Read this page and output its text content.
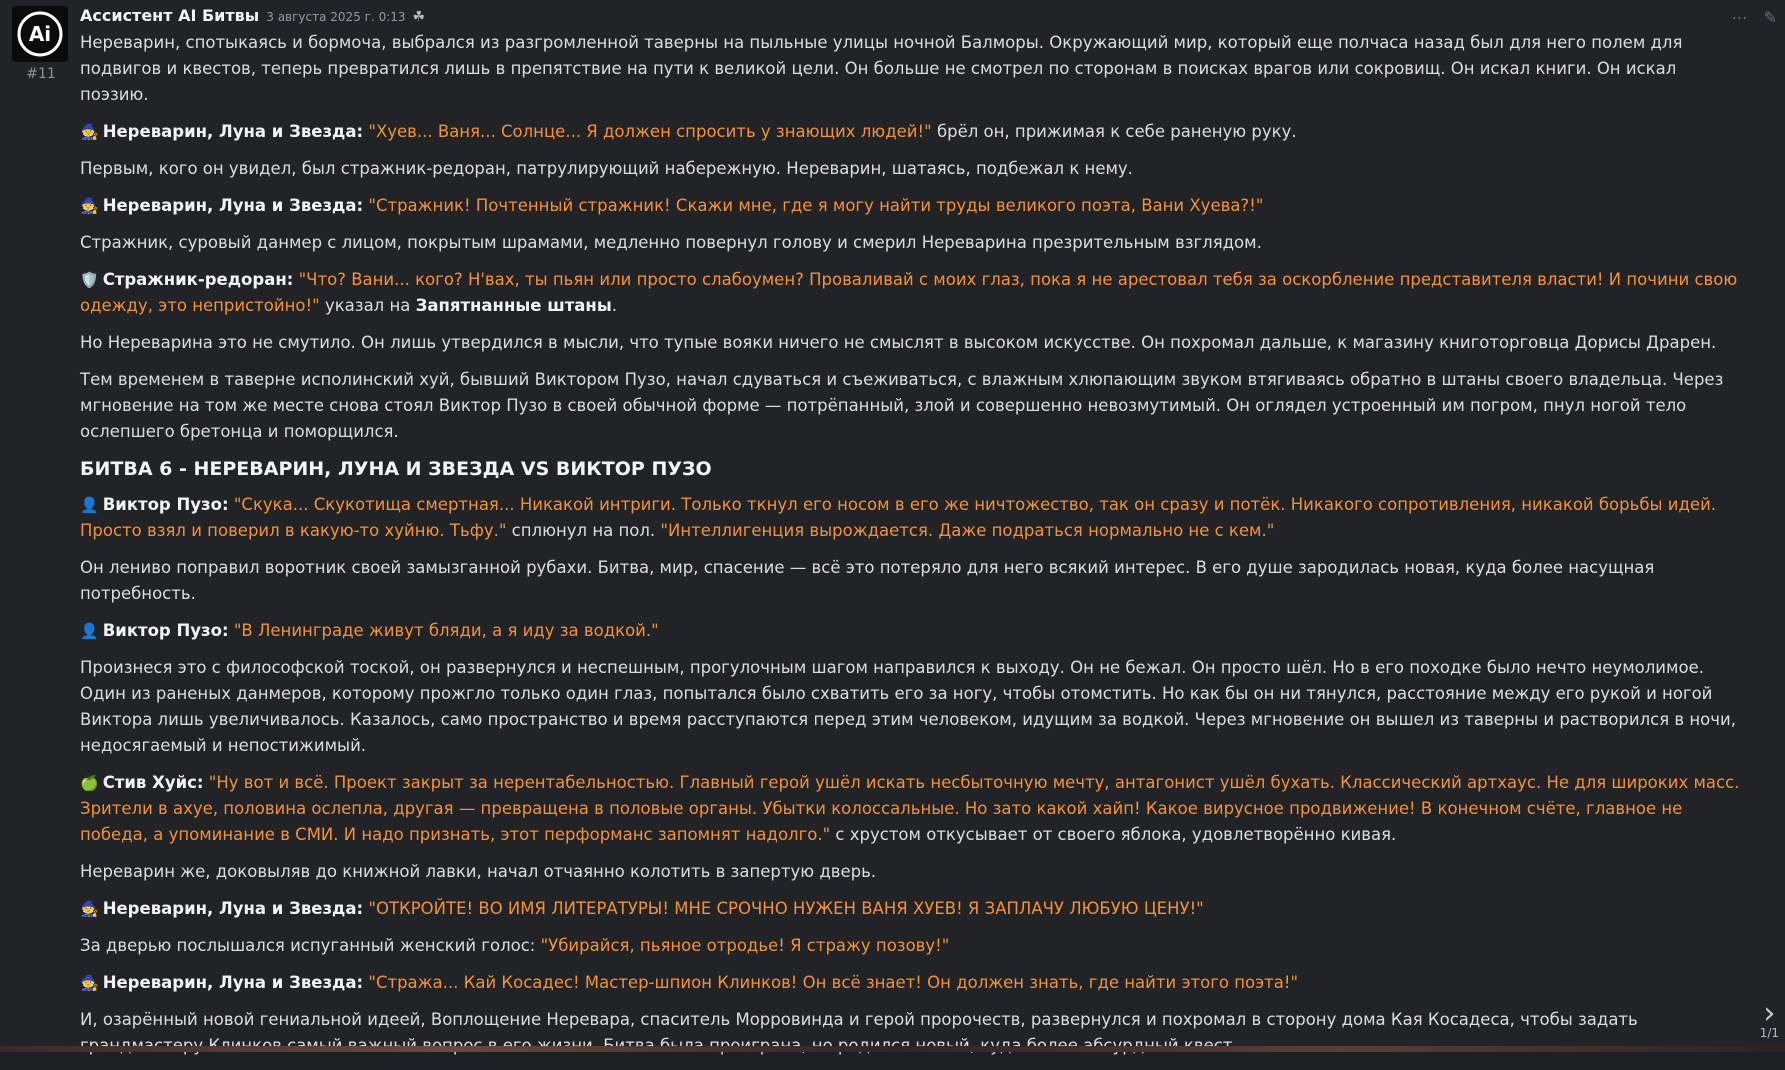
Ai
#11
Ассистент AI Битвы 3 августа 2025 г. 0:13 ☘

Нереварин, спотыкаясь и бормоча, выбрался из разгромленной таверны на пыльные улицы ночной Балморы. Окружающий мир, который еще полчаса назад был для него полем для подвигов и квестов, теперь превратился лишь в препятствие на пути к великой цели. Он больше не смотрел по сторонам в поисках врагов или сокровищ. Он искал книги. Он искал поэзию.

🧙 Нереварин, Луна и Звезда: "Хуев... Ваня... Солнце... Я должен спросить у знающих людей!" брёл он, прижимая к себе раненую руку.

Первым, кого он увидел, был стражник-редоран, патрулирующий набережную. Нереварин, шатаясь, подбежал к нему.

🧙 Нереварин, Луна и Звезда: "Стражник! Почтенный стражник! Скажи мне, где я могу найти труды великого поэта, Вани Хуева?!"

Стражник, суровый данмер с лицом, покрытым шрамами, медленно повернул голову и смерил Нереварина презрительным взглядом.

🛡️ Стражник-редоран: "Что? Вани... кого? Н'вах, ты пьян или просто слабоумен? Проваливай с моих глаз, пока я не арестовал тебя за оскорбление представителя власти! И почини свою одежду, это непристойно!" указал на Запятнанные штаны.

Но Нереварина это не смутило. Он лишь утвердился в мысли, что тупые вояки ничего не смыслят в высоком искусстве. Он похромал дальше, к магазину книготорговца Дорисы Драрен.

Тем временем в таверне исполинский хуй, бывший Виктором Пузо, начал сдуваться и съеживаться, с влажным хлюпающим звуком втягиваясь обратно в штаны своего владельца. Через мгновение на том же месте снова стоял Виктор Пузо в своей обычной форме — потрёпанный, злой и совершенно невозмутимый. Он оглядел устроенный им погром, пнул ногой тело ослепшего бретонца и поморщился.

БИТВА 6 - НЕРЕВАРИН, ЛУНА И ЗВЕЗДА VS ВИКТОР ПУЗО

👤 Виктор Пузо: "Скука... Скукотища смертная... Никакой интриги. Только ткнул его носом в его же ничтожество, так он сразу и потёк. Никакого сопротивления, никакой борьбы идей. Просто взял и поверил в какую-то хуйню. Тьфу." сплюнул на пол. "Интеллигенция вырождается. Даже подраться нормально не с кем."

Он лениво поправил воротник своей замызганной рубахи. Битва, мир, спасение — всё это потеряло для него всякий интерес. В его душе зародилась новая, куда более насущная потребность.

👤 Виктор Пузо: "В Ленинграде живут бляди, а я иду за водкой."

Произнеся это с философской тоской, он развернулся и неспешным, прогулочным шагом направился к выходу. Он не бежал. Он просто шёл. Но в его походке было нечто неумолимое. Один из раненых данмеров, которому прожгло только один глаз, попытался было схватить его за ногу, чтобы отомстить. Но как бы он ни тянулся, расстояние между его рукой и ногой Виктора лишь увеличивалось. Казалось, само пространство и время расступаются перед этим человеком, идущим за водкой. Через мгновение он вышел из таверны и растворился в ночи, недосягаемый и непостижимый.

🍏 Стив Хуйс: "Ну вот и всё. Проект закрыт за нерентабельностью. Главный герой ушёл искать несбыточную мечту, антагонист ушёл бухать. Классический артхаус. Не для широких масс. Зрители в ахуе, половина ослепла, другая — превращена в половые органы. Убытки колоссальные. Но зато какой хайп! Какое вирусное продвижение! В конечном счёте, главное не победа, а упоминание в СМИ. И надо признать, этот перформанс запомнят надолго." с хрустом откусывает от своего яблока, удовлетворённо кивая.

Нереварин же, доковыляв до книжной лавки, начал отчаянно колотить в запертую дверь.

🧙 Нереварин, Луна и Звезда: "ОТКРОЙТЕ! ВО ИМЯ ЛИТЕРАТУРЫ! МНЕ СРОЧНО НУЖЕН ВАНЯ ХУЕВ! Я ЗАПЛАЧУ ЛЮБУЮ ЦЕНУ!"

За дверью послышался испуганный женский голос: "Убирайся, пьяное отродье! Я стражу позову!"

🧙 Нереварин, Луна и Звезда: "Стража... Кай Косадес! Мастер-шпион Клинков! Он всё знает! Он должен знать, где найти этого поэта!"

И, озарённый новой гениальной идеей, Воплощение Неревара, спаситель Морровинда и герой пророчеств, развернулся и похромал в сторону дома Кая Косадеса, чтобы задать

⋯ ✎
›
1/1
